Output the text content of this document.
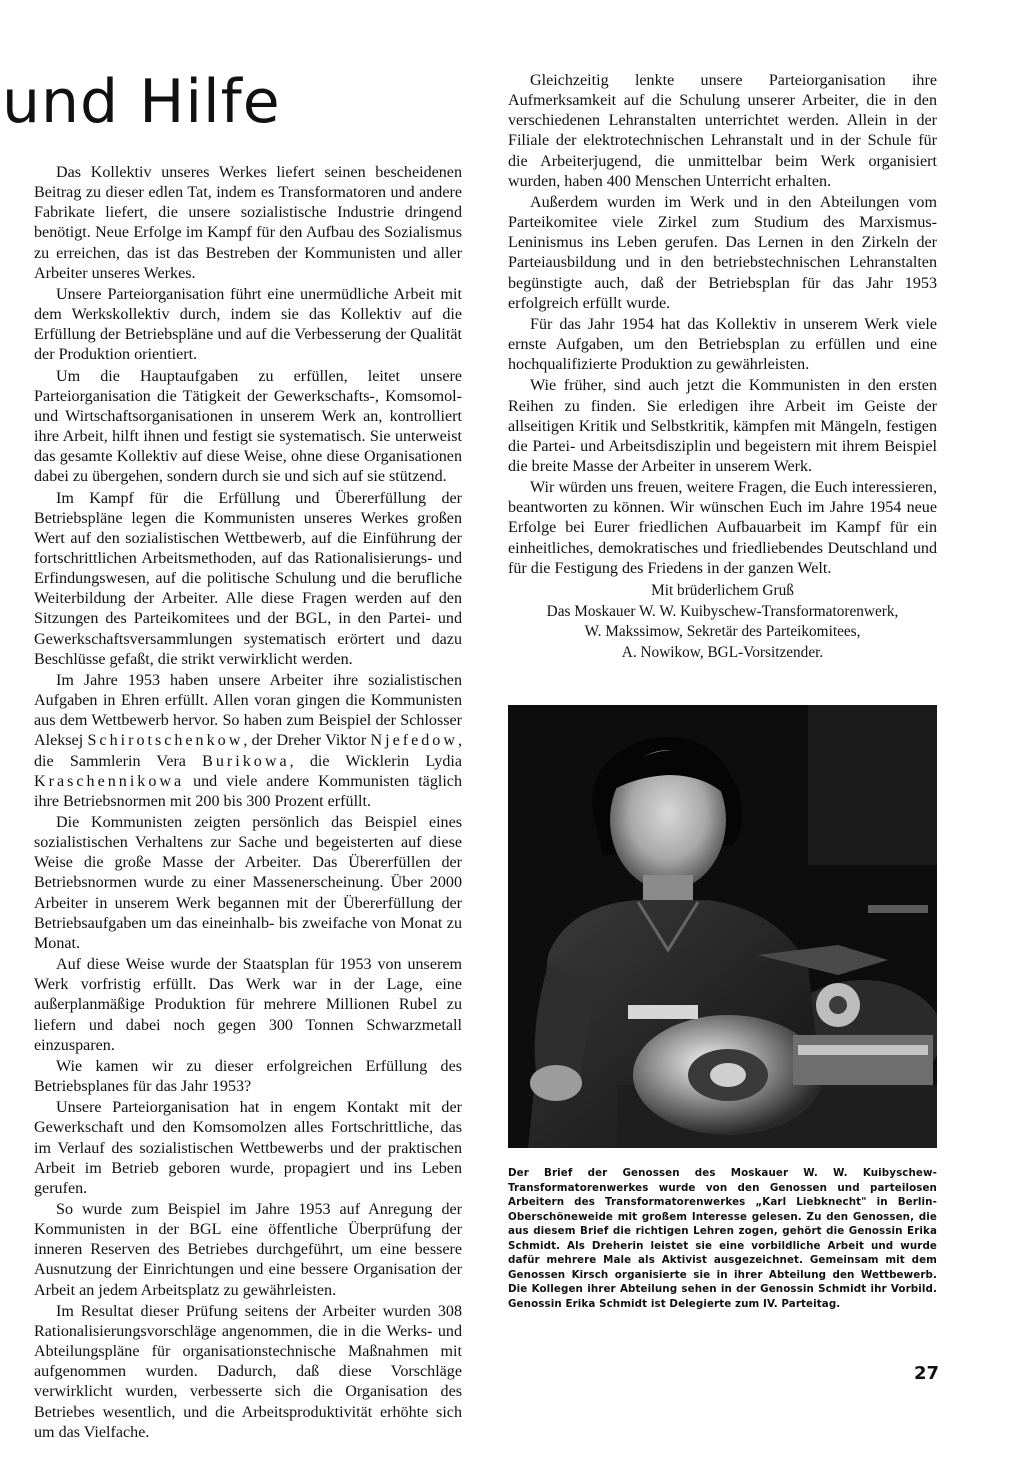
und Hilfe

Das Kollektiv unseres Werkes liefert seinen bescheidenen Beitrag zu dieser edlen Tat, indem es Transformatoren und andere Fabrikate liefert, die unsere sozialistische Industrie dringend benötigt. Neue Erfolge im Kampf für den Aufbau des Sozialismus zu erreichen, das ist das Bestreben der Kommunisten und aller Arbeiter unseres Werkes.

Unsere Parteiorganisation führt eine unermüdliche Arbeit mit dem Werkskollektiv durch, indem sie das Kollektiv auf die Erfüllung der Betriebspläne und auf die Verbesserung der Qualität der Produktion orientiert.

Um die Hauptaufgaben zu erfüllen, leitet unsere Parteiorganisation die Tätigkeit der Gewerkschafts-, Komsomol- und Wirtschaftsorganisationen in unserem Werk an, kontrolliert ihre Arbeit, hilft ihnen und festigt sie systematisch. Sie unterweist das gesamte Kollektiv auf diese Weise, ohne diese Organisationen dabei zu übergehen, sondern durch sie und sich auf sie stützend.

Im Kampf für die Erfüllung und Übererfüllung der Betriebspläne legen die Kommunisten unseres Werkes großen Wert auf den sozialistischen Wettbewerb, auf die Einführung der fortschrittlichen Arbeitsmethoden, auf das Rationalisierungs- und Erfindungswesen, auf die politische Schulung und die berufliche Weiterbildung der Arbeiter. Alle diese Fragen werden auf den Sitzungen des Parteikomitees und der BGL, in den Partei- und Gewerkschaftsversammlungen systematisch erörtert und dazu Beschlüsse gefaßt, die strikt verwirklicht werden.

Im Jahre 1953 haben unsere Arbeiter ihre sozialistischen Aufgaben in Ehren erfüllt. Allen voran gingen die Kommunisten aus dem Wettbewerb hervor. So haben zum Beispiel der Schlosser Aleksej Schirotschenkow, der Dreher Viktor Njefedow, die Sammlerin Vera Burikowa, die Wicklerin Lydia Kraschennikowa und viele andere Kommunisten täglich ihre Betriebsnormen mit 200 bis 300 Prozent erfüllt.

Die Kommunisten zeigten persönlich das Beispiel eines sozialistischen Verhaltens zur Sache und begeisterten auf diese Weise die große Masse der Arbeiter. Das Übererfüllen der Betriebsnormen wurde zu einer Massenerscheinung. Über 2000 Arbeiter in unserem Werk begannen mit der Übererfüllung der Betriebsaufgaben um das eineinhalb- bis zweifache von Monat zu Monat.

Auf diese Weise wurde der Staatsplan für 1953 von unserem Werk vorfristig erfüllt. Das Werk war in der Lage, eine außerplanmäßige Produktion für mehrere Millionen Rubel zu liefern und dabei noch gegen 300 Tonnen Schwarzmetall einzusparen.

Wie kamen wir zu dieser erfolgreichen Erfüllung des Betriebsplanes für das Jahr 1953?

Unsere Parteiorganisation hat in engem Kontakt mit der Gewerkschaft und den Komsomolzen alles Fortschrittliche, das im Verlauf des sozialistischen Wettbewerbs und der praktischen Arbeit im Betrieb geboren wurde, propagiert und ins Leben gerufen.

So wurde zum Beispiel im Jahre 1953 auf Anregung der Kommunisten in der BGL eine öffentliche Überprüfung der inneren Reserven des Betriebes durchgeführt, um eine bessere Ausnutzung der Einrichtungen und eine bessere Organisation der Arbeit an jedem Arbeitsplatz zu gewährleisten.

Im Resultat dieser Prüfung seitens der Arbeiter wurden 308 Rationalisierungsvorschläge angenommen, die in die Werks- und Abteilungspläne für organisationstechnische Maßnahmen mit aufgenommen wurden. Dadurch, daß diese Vorschläge verwirklicht wurden, verbesserte sich die Organisation des Betriebes wesentlich, und die Arbeitsproduktivität erhöhte sich um das Vielfache.

Gleichzeitig lenkte unsere Parteiorganisation ihre Aufmerksamkeit auf die Schulung unserer Arbeiter, die in den verschiedenen Lehranstalten unterrichtet werden. Allein in der Filiale der elektrotechnischen Lehranstalt und in der Schule für die Arbeiterjugend, die unmittelbar beim Werk organisiert wurden, haben 400 Menschen Unterricht erhalten.

Außerdem wurden im Werk und in den Abteilungen vom Parteikomitee viele Zirkel zum Studium des Marxismus-Leninismus ins Leben gerufen. Das Lernen in den Zirkeln der Parteiausbildung und in den betriebstechnischen Lehranstalten begünstigte auch, daß der Betriebsplan für das Jahr 1953 erfolgreich erfüllt wurde.

Für das Jahr 1954 hat das Kollektiv in unserem Werk viele ernste Aufgaben, um den Betriebsplan zu erfüllen und eine hochqualifizierte Produktion zu gewährleisten.

Wie früher, sind auch jetzt die Kommunisten in den ersten Reihen zu finden. Sie erledigen ihre Arbeit im Geiste der allseitigen Kritik und Selbstkritik, kämpfen mit Mängeln, festigen die Partei- und Arbeitsdisziplin und begeistern mit ihrem Beispiel die breite Masse der Arbeiter in unserem Werk.

Wir würden uns freuen, weitere Fragen, die Euch interessieren, beantworten zu können. Wir wünschen Euch im Jahre 1954 neue Erfolge bei Eurer friedlichen Aufbauarbeit im Kampf für ein einheitliches, demokratisches und friedliebendes Deutschland und für die Festigung des Friedens in der ganzen Welt.

Mit brüderlichem Gruß
Das Moskauer W. W. Kuibyschew-Transformatorenwerk,
W. Makssimow, Sekretär des Parteikomitees,
A. Nowikow, BGL-Vorsitzender.

Der Brief der Genossen des Moskauer W. W. Kuibyschew-Transformatorenwerkes wurde von den Genossen und parteilosen Arbeitern des Transformatorenwerkes „Karl Liebknecht" in Berlin-Oberschöneweide mit großem Interesse gelesen. Zu den Genossen, die aus diesem Brief die richtigen Lehren zogen, gehört die Genossin Erika Schmidt. Als Dreherin leistet sie eine vorbildliche Arbeit und wurde dafür mehrere Male als Aktivist ausgezeichnet. Gemeinsam mit dem Genossen Kirsch organisierte sie in ihrer Abteilung den Wettbewerb. Die Kollegen ihrer Abteilung sehen in der Genossin Schmidt ihr Vorbild. Genossin Erika Schmidt ist Delegierte zum IV. Parteitag.

27
